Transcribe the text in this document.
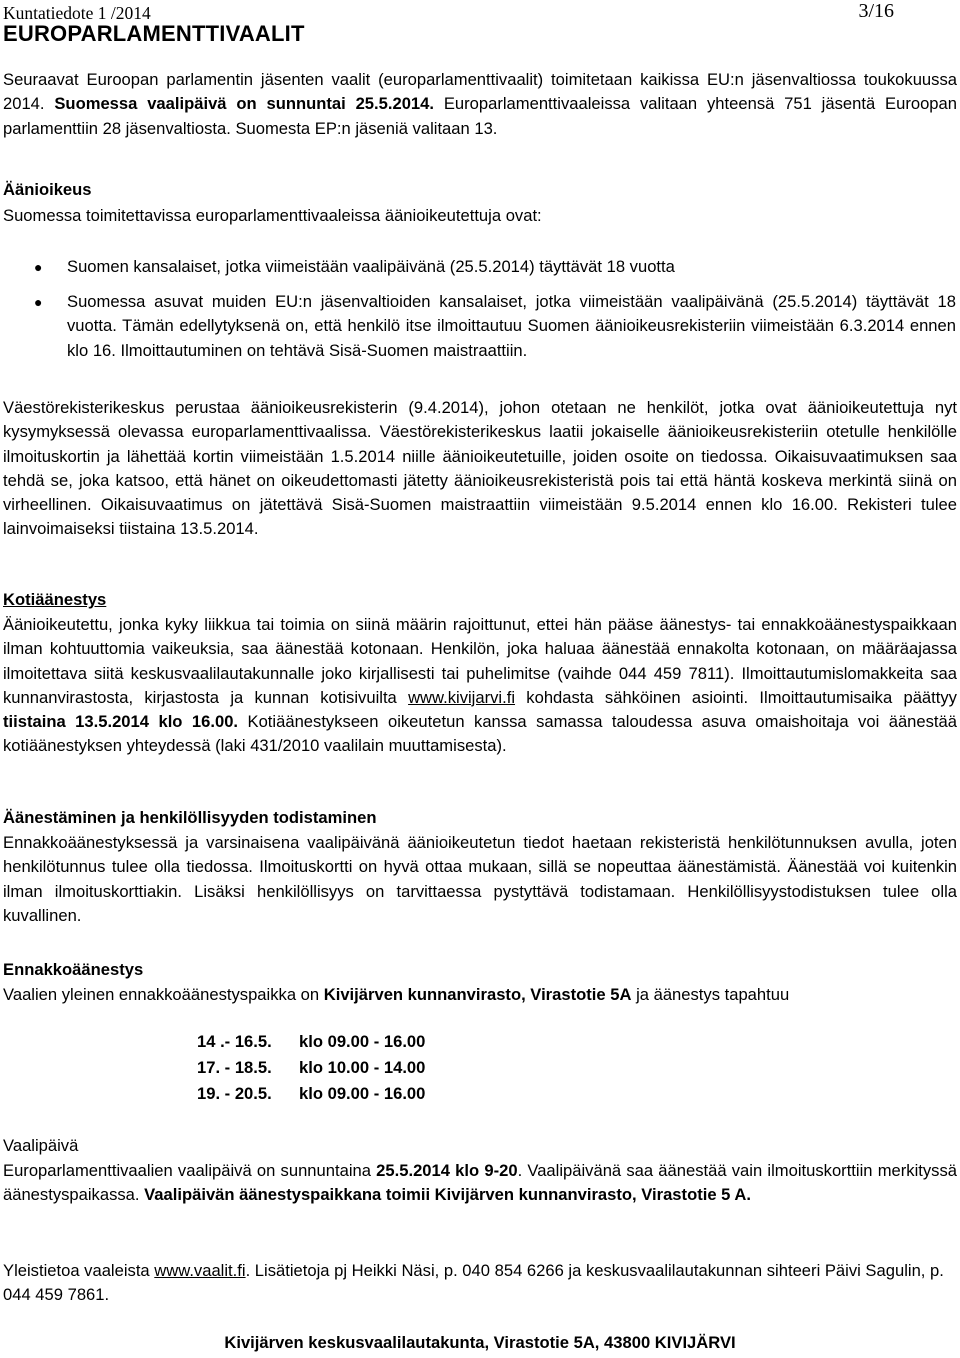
Kuntatiedote 1 /2014	3/16
EUROPARLAMENTTIVAALIT
Seuraavat Euroopan parlamentin jäsenten vaalit (europarlamenttivaalit) toimitetaan kaikissa EU:n jäsenvaltiossa toukokuussa 2014. Suomessa vaalipäivä on sunnuntai 25.5.2014. Europarlamenttivaaleissa valitaan yhteensä 751 jäsentä Euroopan parlamenttiin 28 jäsenvaltiosta. Suomesta EP:n jäseniä valitaan 13.
Äänioikeus
Suomessa toimitettavissa europarlamenttivaaleissa äänioikeutettuja ovat:
● Suomen kansalaiset, jotka viimeistään vaalipäivänä (25.5.2014) täyttävät 18 vuotta
● Suomessa asuvat muiden EU:n jäsenvaltioiden kansalaiset, jotka viimeistään vaalipäivänä (25.5.2014) täyttävät 18 vuotta. Tämän edellytyksenä on, että henkilö itse ilmoittautuu Suomen äänioikeusrekisteriin viimeistään 6.3.2014 ennen klo 16. Ilmoittautuminen on tehtävä Sisä-Suomen maistraattiin.
Väestörekisterikeskus perustaa äänioikeusrekisterin (9.4.2014), johon otetaan ne henkilöt, jotka ovat äänioikeutettuja nyt kysymyksessä olevassa europarlamenttivaalissa. Väestörekisterikeskus laatii jokaiselle äänioikeusrekisteriin otetulle henkilölle ilmoituskortin ja lähettää kortin viimeistään 1.5.2014 niille äänioikeutetuille, joiden osoite on tiedossa. Oikaisuvaatimuksen saa tehdä se, joka katsoo, että hänet on oikeudettomasti jätetty äänioikeusrekisteristä pois tai että häntä koskeva merkintä siinä on virheellinen. Oikaisuvaatimus on jätettävä Sisä-Suomen maistraattiin viimeistään 9.5.2014 ennen klo 16.00. Rekisteri tulee lainvoimaiseksi tiistaina 13.5.2014.
Kotiäänestys
Äänioikeutettu, jonka kyky liikkua tai toimia on siinä määrin rajoittunut, ettei hän pääse äänestys- tai ennakkoäänestyspaikkaan ilman kohtuuttomia vaikeuksia, saa äänestää kotonaan. Henkilön, joka haluaa äänestää ennakolta kotonaan, on määräajassa ilmoitettava siitä keskusvaalilautakunnalle joko kirjallisesti tai puhelimitse (vaihde 044 459 7811). Ilmoittautumislomakkeita saa kunnanvirastosta, kirjastosta ja kunnan kotisivuilta www.kivijarvi.fi kohdasta sähköinen asiointi. Ilmoittautumisaika päättyy tiistaina 13.5.2014 klo 16.00. Kotiäänestykseen oikeutetun kanssa samassa taloudessa asuva omaishoitaja voi äänestää kotiäänestyksen yhteydessä (laki 431/2010 vaalilain muuttamisesta).
Äänestäminen ja henkilöllisyyden todistaminen
Ennakkoäänestyksessä ja varsinaisena vaalipäivänä äänioikeutetun tiedot haetaan rekisteristä henkilötunnuksen avulla, joten henkilötunnus tulee olla tiedossa. Ilmoituskortti on hyvä ottaa mukaan, sillä se nopeuttaa äänestämistä. Äänestää voi kuitenkin ilman ilmoituskorttiakin. Lisäksi henkilöllisyys on tarvittaessa pystyttävä todistamaan. Henkilöllisyystodistuksen tulee olla kuvallinen.
Ennakkoäänestys
Vaalien yleinen ennakkoäänestyspaikka on Kivijärven kunnanvirasto, Virastotie 5A ja äänestys tapahtuu
14 .- 16.5. klo 09.00 - 16.00
17. - 18.5. klo 10.00 - 14.00
19. - 20.5. klo 09.00 - 16.00
Vaalipäivä
Europarlamenttivaalien vaalipäivä on sunnuntaina 25.5.2014 klo 9-20. Vaalipäivänä saa äänestää vain ilmoituskorttiin merkityssä äänestyspaikassa. Vaalipäivän äänestyspaikkana toimii Kivijärven kunnanvirasto, Virastotie 5 A.
Yleistietoa vaaleista www.vaalit.fi. Lisätietoja pj Heikki Näsi, p. 040 854 6266 ja keskusvaalilautakunnan sihteeri Päivi Sagulin, p. 044 459 7861.
Kivijärven keskusvaalilautakunta, Virastotie 5A, 43800 KIVIJÄRVI
